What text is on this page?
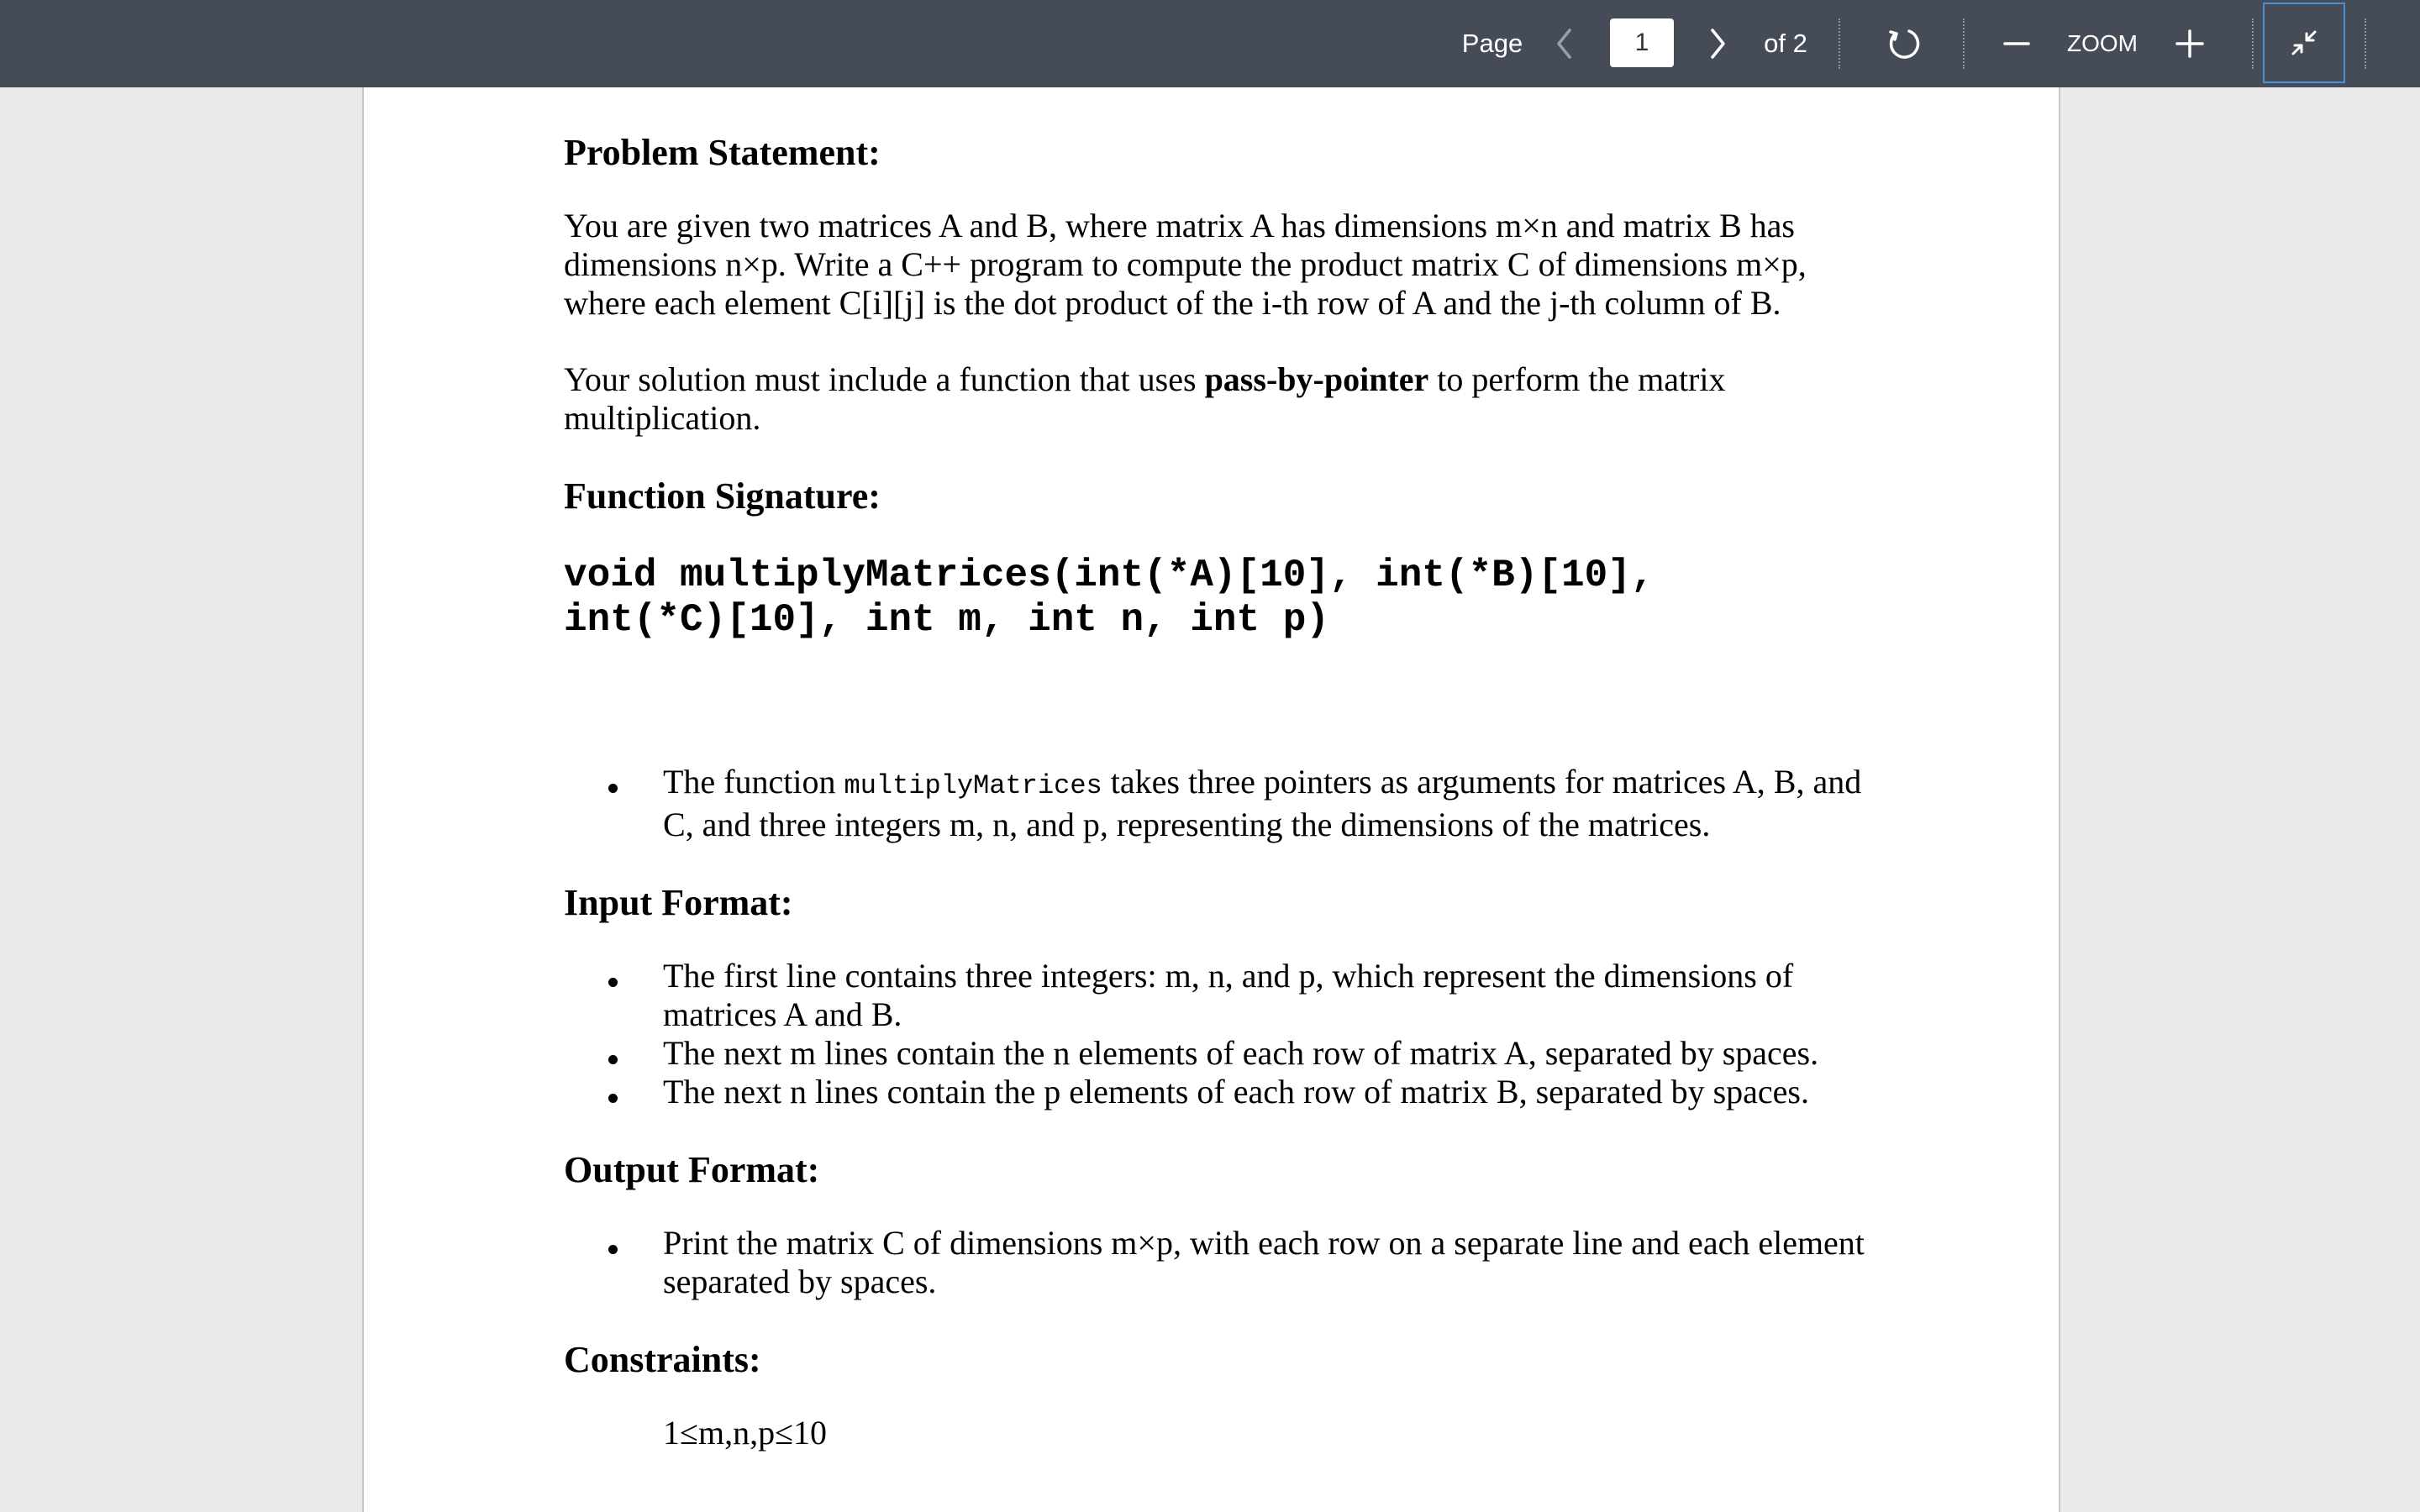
Page
1	of 2	ZOOM
Problem Statement:

You are given two matrices A and B, where matrix A has dimensions m×n and matrix B has dimensions n×p. Write a C++ program to compute the product matrix C of dimensions m×p, where each element C[i][j] is the dot product of the i-th row of A and the j-th column of B.

Your solution must include a function that uses pass-by-pointer to perform the matrix multiplication.

Function Signature:
void multiplyMatrices(int(*A)[10], int(*B)[10],
int(*C)[10], int m, int n, int p)
The function multiplyMatrices takes three pointers as arguments for matrices A, B, and C, and three integers m, n, and p, representing the dimensions of the matrices.
Input Format:
The first line contains three integers: m, n, and p, which represent the dimensions of matrices A and B.
The next m lines contain the n elements of each row of matrix A, separated by spaces.
The next n lines contain the p elements of each row of matrix B, separated by spaces.
Output Format:
Print the matrix C of dimensions m×p, with each row on a separate line and each element separated by spaces.
Constraints:
1≤m,n,p≤10
